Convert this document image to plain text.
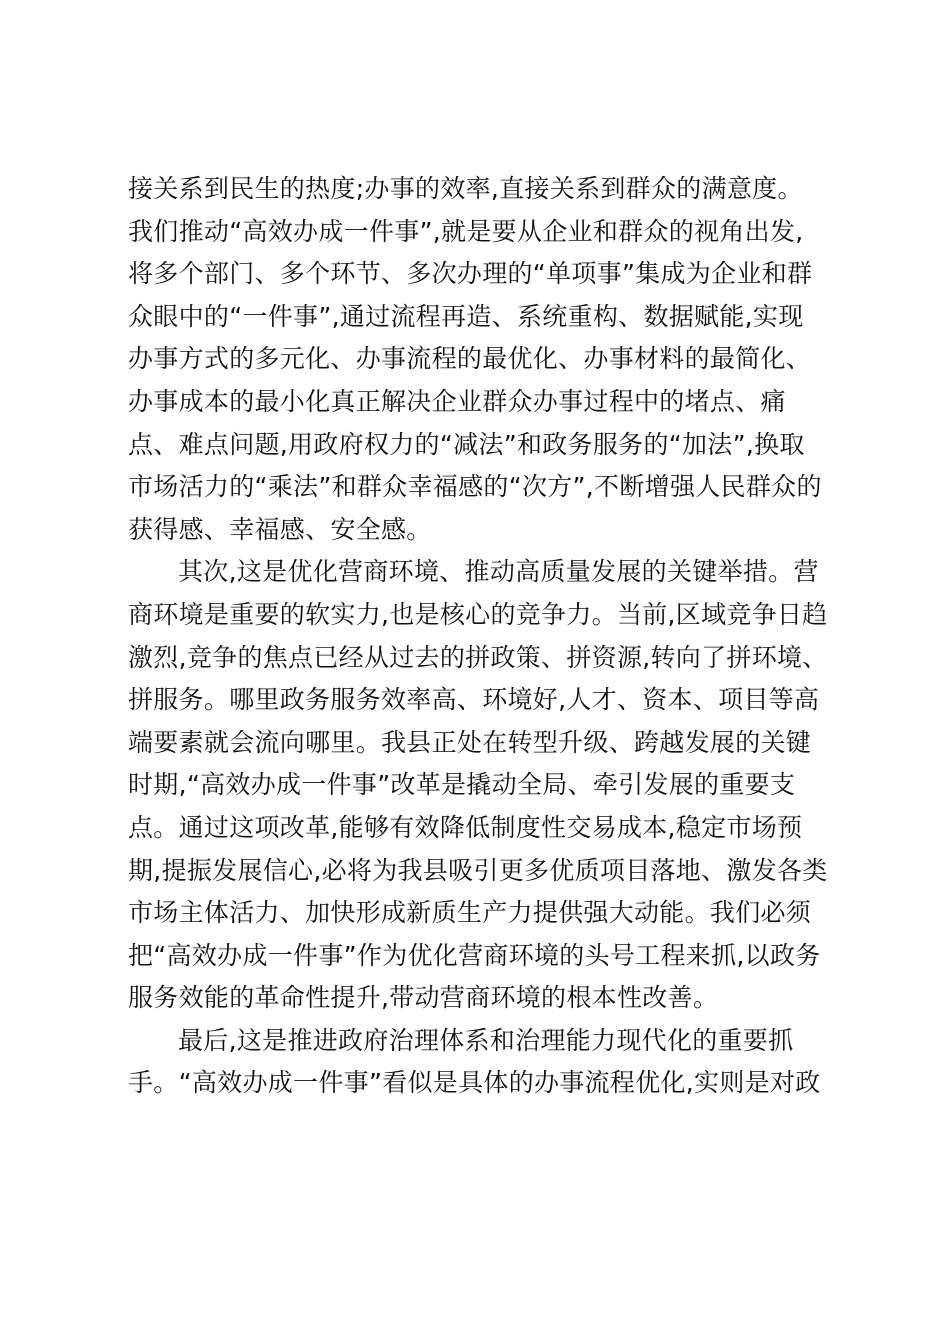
接关系到民生的热度;办事的效率,直接关系到群众的满意度。
我们推动“高效办成一件事”,就是要从企业和群众的视角出发,
将多个部门、多个环节、多次办理的“单项事”集成为企业和群
众眼中的“一件事”,通过流程再造、系统重构、数据赋能,实现
办事方式的多元化、办事流程的最优化、办事材料的最简化、
办事成本的最小化真正解决企业群众办事过程中的堵点、痛
点、难点问题,用政府权力的“减法”和政务服务的“加法”,换取
市场活力的“乘法”和群众幸福感的“次方”,不断增强人民群众的
获得感、幸福感、安全感。
其次,这是优化营商环境、推动高质量发展的关键举措。营
商环境是重要的软实力,也是核心的竞争力。当前,区域竞争日趋
激烈,竞争的焦点已经从过去的拼政策、拼资源,转向了拼环境、
拼服务。哪里政务服务效率高、环境好,人才、资本、项目等高
端要素就会流向哪里。我县正处在转型升级、跨越发展的关键
时期,“高效办成一件事”改革是撬动全局、牵引发展的重要支
点。通过这项改革,能够有效降低制度性交易成本,稳定市场预
期,提振发展信心,必将为我县吸引更多优质项目落地、激发各类
市场主体活力、加快形成新质生产力提供强大动能。我们必须
把“高效办成一件事”作为优化营商环境的头号工程来抓,以政务
服务效能的革命性提升,带动营商环境的根本性改善。
最后,这是推进政府治理体系和治理能力现代化的重要抓
手。“高效办成一件事”看似是具体的办事流程优化,实则是对政
